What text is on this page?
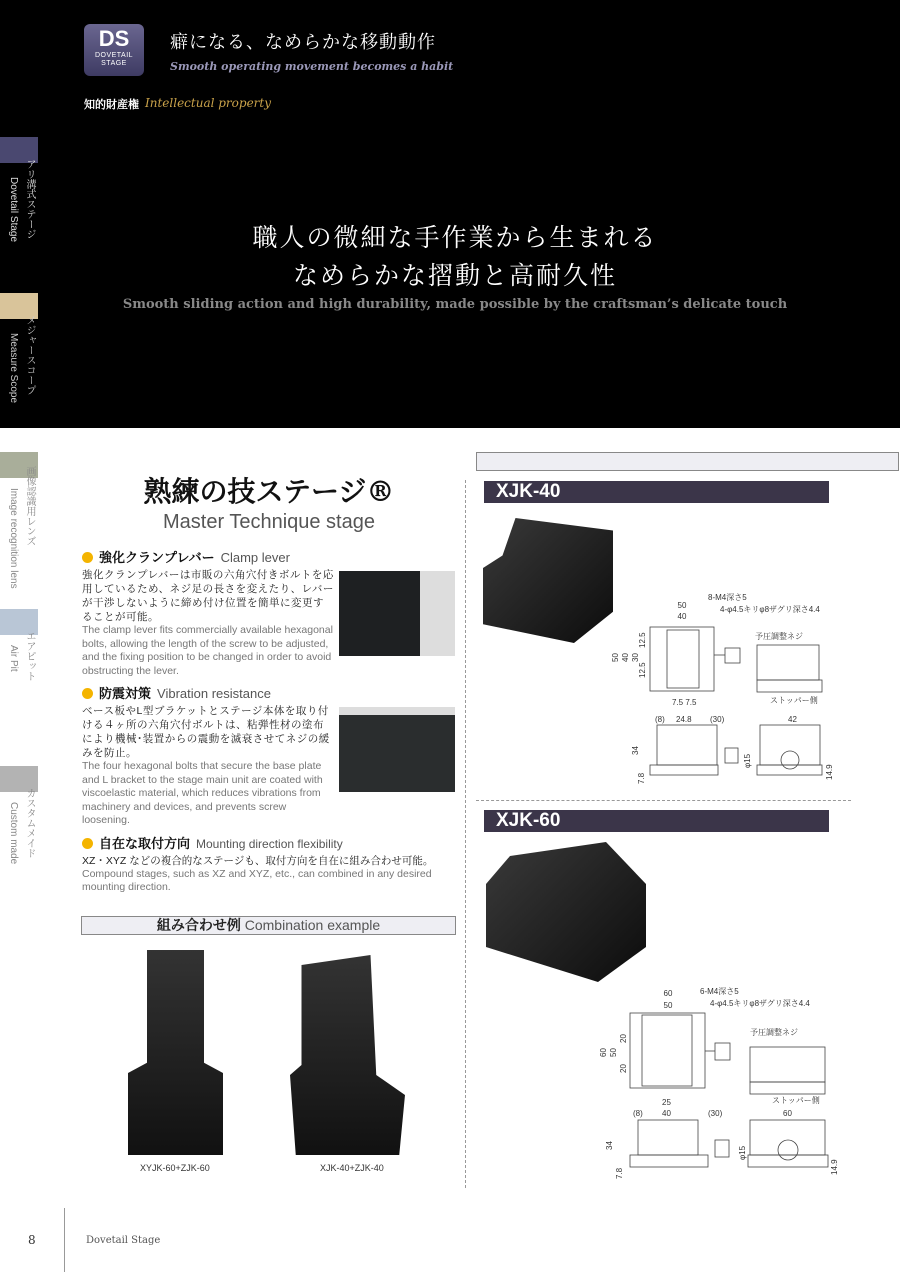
DS
DOVETAIL
STAGE
癖になる、なめらかな移動動作
Smooth operating movement becomes a habit
知的財産権 Intellectual property
職人の微細な手作業から生まれる
なめらかな摺動と高耐久性
Smooth sliding action and high durability, made possible by the craftsman’s delicate touch
アリ溝式ステージ
Dovetail Stage
メジャースコープ
Measure Scope
画像認識用レンズ
Image recognition lens
エアピット
Air Pit
カスタムメイド
Custom made
熟練の技ステージ®
Master Technique stage
強化クランプレバー Clamp lever

強化クランプレバーは市販の六角穴付きボルトを応用しているため、ネジ足の長さを変えたり、レバーが干渉しないように締め付け位置を簡単に変更することが可能。

The clamp lever fits commercially available hexagonal bolts, allowing the length of the screw to be adjusted, and the fixing position to be changed in order to avoid obstructing the lever.

防震対策 Vibration resistance

ベース板やL型ブラケットとステージ本体を取り付ける４ヶ所の六角穴付ボルトは、粘弾性材の塗布により機械･装置からの震動を滅衰させてネジの緩みを防止。

The four hexagonal bolts that secure the base plate and L bracket to the stage main unit are coated with viscoelastic material, which reduces vibrations from machinery and devices, and prevents screw loosening.

自在な取付方向 Mounting direction flexibility

XZ・XYZ などの複合的なステージも、取付方向を自在に組み合わせ可能。

Compound stages, such as XZ and XYZ, etc., can combined in any desired mounting direction.

組み合わせ例 Combination example
XYJK-60+ZJK-60	XJK-40+ZJK-40
XJK-40
8-M4深さ5
4-φ4.5キリφ8ザグリ深さ4.4
50
40
50 40 30
12.5
12.5
7.5 7.5
予圧調整ネジ
ストッパー側
(8) 24.8 (30)	42
34
7.8
φ15
14.9
XJK-60
6-M4深さ5
4-φ4.5キリφ8ザグリ深さ4.4
60
50
60 50
20
20
25
予圧調整ネジ
ストッパー側
(8) 40	(30)	60
34
7.8
φ15
14.9
8	Dovetail Stage
